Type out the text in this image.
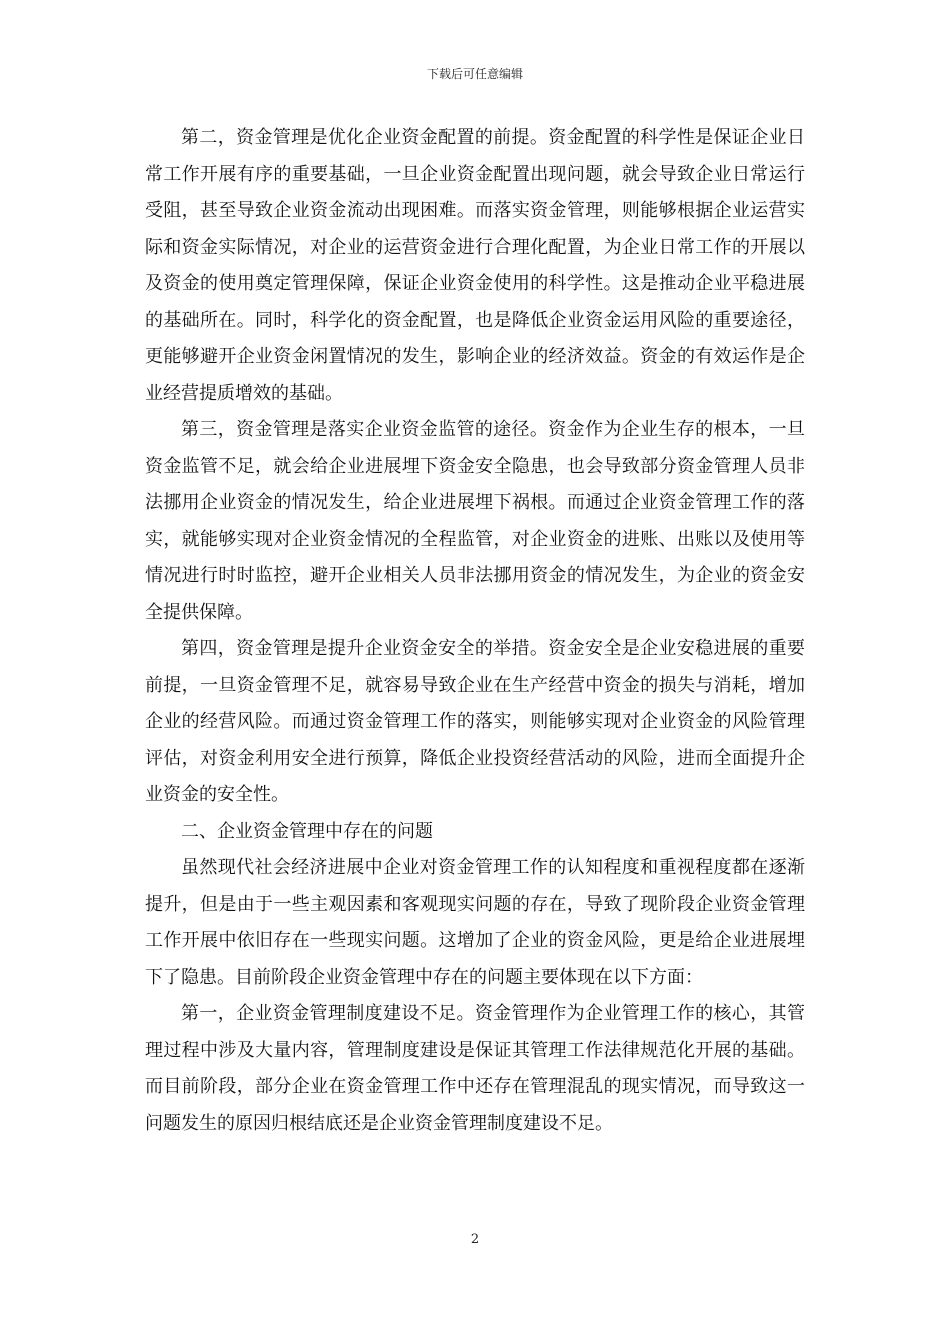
下载后可任意编辑

第二，资金管理是优化企业资金配置的前提。资金配置的科学性是保证企业日常工作开展有序的重要基础，一旦企业资金配置出现问题，就会导致企业日常运行受阻，甚至导致企业资金流动出现困难。而落实资金管理，则能够根据企业运营实际和资金实际情况，对企业的运营资金进行合理化配置，为企业日常工作的开展以及资金的使用奠定管理保障，保证企业资金使用的科学性。这是推动企业平稳进展的基础所在。同时，科学化的资金配置，也是降低企业资金运用风险的重要途径，更能够避开企业资金闲置情况的发生，影响企业的经济效益。资金的有效运作是企业经营提质增效的基础。

第三，资金管理是落实企业资金监管的途径。资金作为企业生存的根本，一旦资金监管不足，就会给企业进展埋下资金安全隐患，也会导致部分资金管理人员非法挪用企业资金的情况发生，给企业进展埋下祸根。而通过企业资金管理工作的落实，就能够实现对企业资金情况的全程监管，对企业资金的进账、出账以及使用等情况进行时时监控，避开企业相关人员非法挪用资金的情况发生，为企业的资金安全提供保障。

第四，资金管理是提升企业资金安全的举措。资金安全是企业安稳进展的重要前提，一旦资金管理不足，就容易导致企业在生产经营中资金的损失与消耗，增加企业的经营风险。而通过资金管理工作的落实，则能够实现对企业资金的风险管理评估，对资金利用安全进行预算，降低企业投资经营活动的风险，进而全面提升企业资金的安全性。

二、企业资金管理中存在的问题

虽然现代社会经济进展中企业对资金管理工作的认知程度和重视程度都在逐渐提升，但是由于一些主观因素和客观现实问题的存在，导致了现阶段企业资金管理工作开展中依旧存在一些现实问题。这增加了企业的资金风险，更是给企业进展埋下了隐患。目前阶段企业资金管理中存在的问题主要体现在以下方面：

第一，企业资金管理制度建设不足。资金管理作为企业管理工作的核心，其管理过程中涉及大量内容，管理制度建设是保证其管理工作法律规范化开展的基础。而目前阶段，部分企业在资金管理工作中还存在管理混乱的现实情况，而导致这一问题发生的原因归根结底还是企业资金管理制度建设不足。

2
